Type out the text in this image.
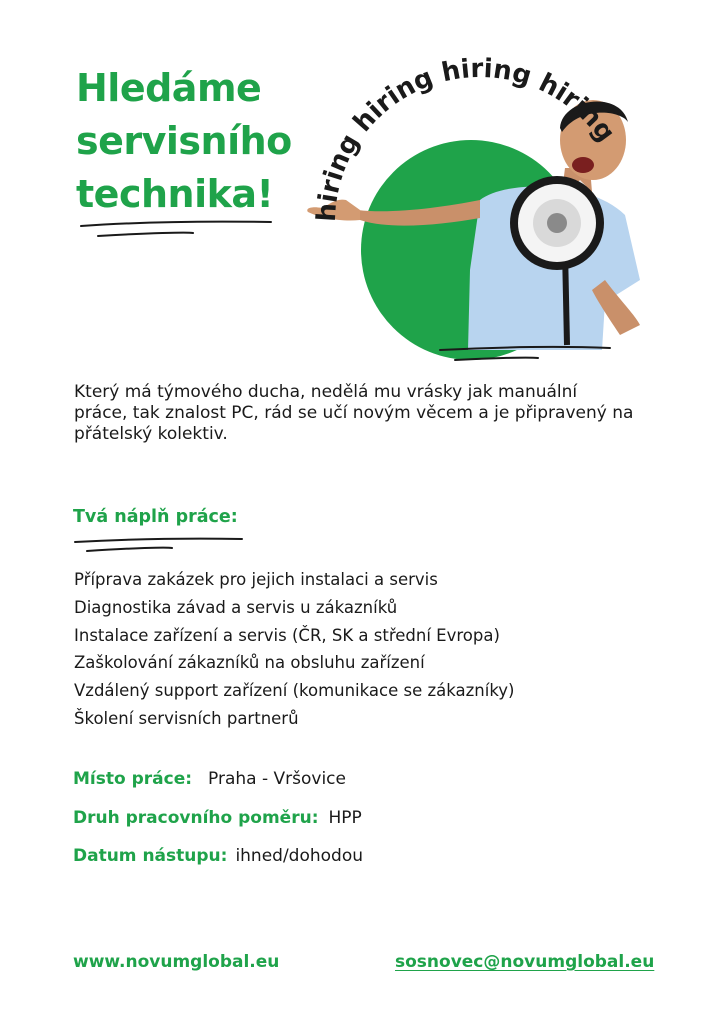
Hledáme
servisního
technika!	hiring hiring hiring hiring

Který má týmového ducha, nedělá mu vrásky jak manuální práce, tak znalost PC, rád se učí novým věcem a je připravený na přátelský kolektiv.

Tvá náplň práce:
Příprava zakázek pro jejich instalaci a servis
Diagnostika závad a servis u zákazníků
Instalace zařízení a servis (ČR, SK a střední Evropa)
Zaškolování zákazníků na obsluhu zařízení
Vzdálený support zařízení (komunikace se zákazníky)
Školení servisních partnerů
Místo práce: Praha - Vršovice
Druh pracovního poměru: HPP
Datum nástupu: ihned/dohodou
www.novumglobal.eu	sosnovec@novumglobal.eu
